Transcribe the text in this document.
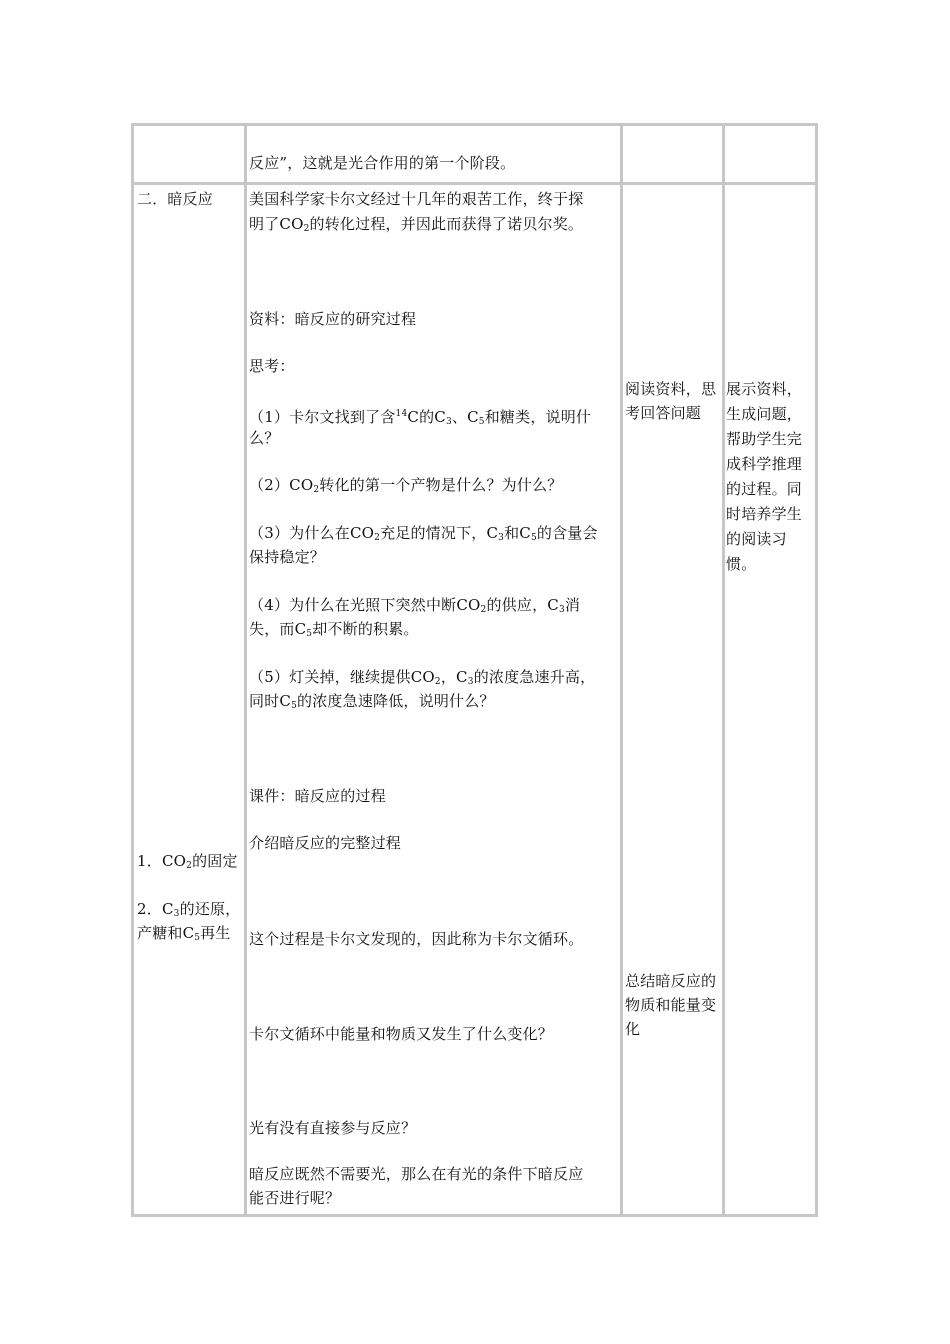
反应”，这就是光合作用的第一个阶段。
二．暗反应
1．$CO_2$的固定
2．$C_3$的还原，
产糖和$C_5$再生
美国科学家卡尔文经过十几年的艰苦工作，终于探
明了$CO_2$的转化过程，并因此而获得了诺贝尔奖。
资料：暗反应的研究过程
思考：
（1）卡尔文找到了含$^{14}$C的$C_3$、$C_5$和糖类，说明什
么？
$(2)CO_2$转化的第一个产物是什么？为什么？
（3）为什么在$CO_2$充足的情况下，$C_3$和$C_5$的含量会
保持稳定？
（4）为什么在光照下突然中断$CO_2$的供应，$C_3$消
失，而$C_5$却不断的积累。
（5）灯关掉，继续提供$CO_2$，$C_3$的浓度急速升高，
同时$C_5$的浓度急速降低，说明什么？
课件：暗反应的过程
介绍暗反应的完整过程
这个过程是卡尔文发现的，因此称为卡尔文循环。
卡尔文循环中能量和物质又发生了什么变化？
光有没有直接参与反应？
暗反应既然不需要光，那么在有光的条件下暗反应
能否进行呢？
阅读资料，思
考回答问题
总结暗反应的
物质和能量变
化
展示资料，
生成问题，
帮助学生完
成科学推理
的过程。同
时培养学生
的阅读习
惯。
